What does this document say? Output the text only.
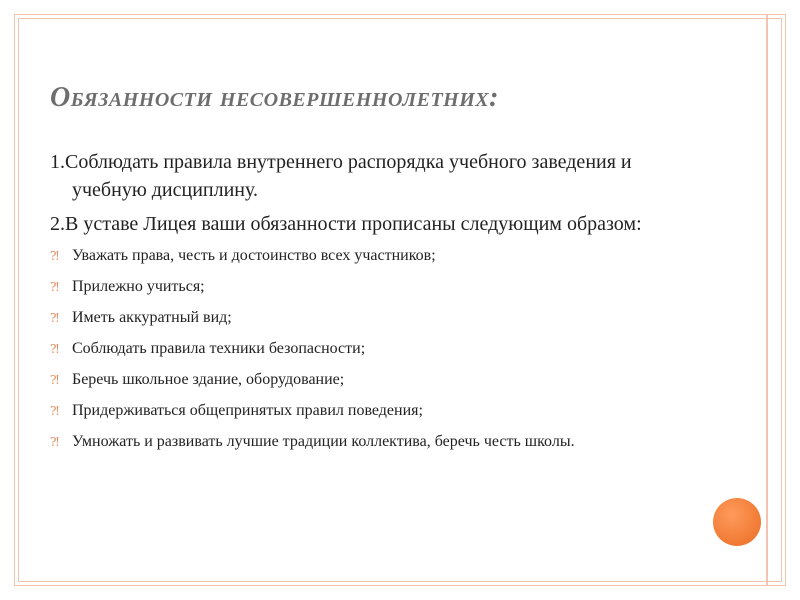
Обязанности несовершеннолетних:

1.Соблюдать правила внутреннего распорядка учебного заведения и учебную дисциплину.

2.В уставе Лицея ваши обязанности прописаны следующим образом:

⁈ Уважать права, честь и достоинство всех участников;
⁈ Прилежно учиться;
⁈ Иметь аккуратный вид;
⁈ Соблюдать правила техники безопасности;
⁈ Беречь школьное здание, оборудование;
⁈ Придерживаться общепринятых правил поведения;
⁈ Умножать и развивать лучшие традиции коллектива, беречь честь школы.
